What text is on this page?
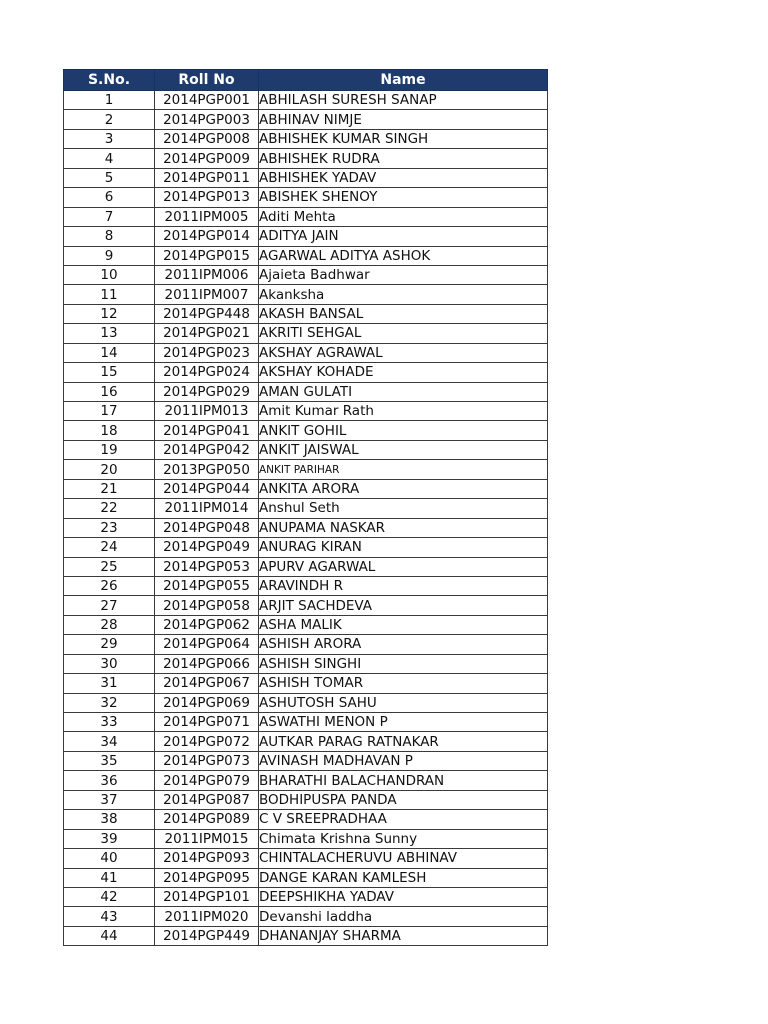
S.No.	Roll No	Name
1	2014PGP001	ABHILASH SURESH SANAP
2	2014PGP003	ABHINAV NIMJE
3	2014PGP008	ABHISHEK KUMAR SINGH
4	2014PGP009	ABHISHEK RUDRA
5	2014PGP011	ABHISHEK YADAV
6	2014PGP013	ABISHEK SHENOY
7	2011IPM005	Aditi Mehta
8	2014PGP014	ADITYA JAIN
9	2014PGP015	AGARWAL ADITYA ASHOK
10	2011IPM006	Ajaieta Badhwar
11	2011IPM007	Akanksha
12	2014PGP448	AKASH BANSAL
13	2014PGP021	AKRITI SEHGAL
14	2014PGP023	AKSHAY AGRAWAL
15	2014PGP024	AKSHAY KOHADE
16	2014PGP029	AMAN GULATI
17	2011IPM013	Amit Kumar Rath
18	2014PGP041	ANKIT GOHIL
19	2014PGP042	ANKIT JAISWAL
20	2013PGP050	ANKIT PARIHAR
21	2014PGP044	ANKITA ARORA
22	2011IPM014	Anshul Seth
23	2014PGP048	ANUPAMA NASKAR
24	2014PGP049	ANURAG KIRAN
25	2014PGP053	APURV AGARWAL
26	2014PGP055	ARAVINDH R
27	2014PGP058	ARJIT SACHDEVA
28	2014PGP062	ASHA MALIK
29	2014PGP064	ASHISH ARORA
30	2014PGP066	ASHISH SINGHI
31	2014PGP067	ASHISH TOMAR
32	2014PGP069	ASHUTOSH SAHU
33	2014PGP071	ASWATHI MENON P
34	2014PGP072	AUTKAR PARAG RATNAKAR
35	2014PGP073	AVINASH MADHAVAN P
36	2014PGP079	BHARATHI BALACHANDRAN
37	2014PGP087	BODHIPUSPA PANDA
38	2014PGP089	C V SREEPRADHAA
39	2011IPM015	Chimata Krishna Sunny
40	2014PGP093	CHINTALACHERUVU ABHINAV
41	2014PGP095	DANGE KARAN KAMLESH
42	2014PGP101	DEEPSHIKHA YADAV
43	2011IPM020	Devanshi laddha
44	2014PGP449	DHANANJAY SHARMA
